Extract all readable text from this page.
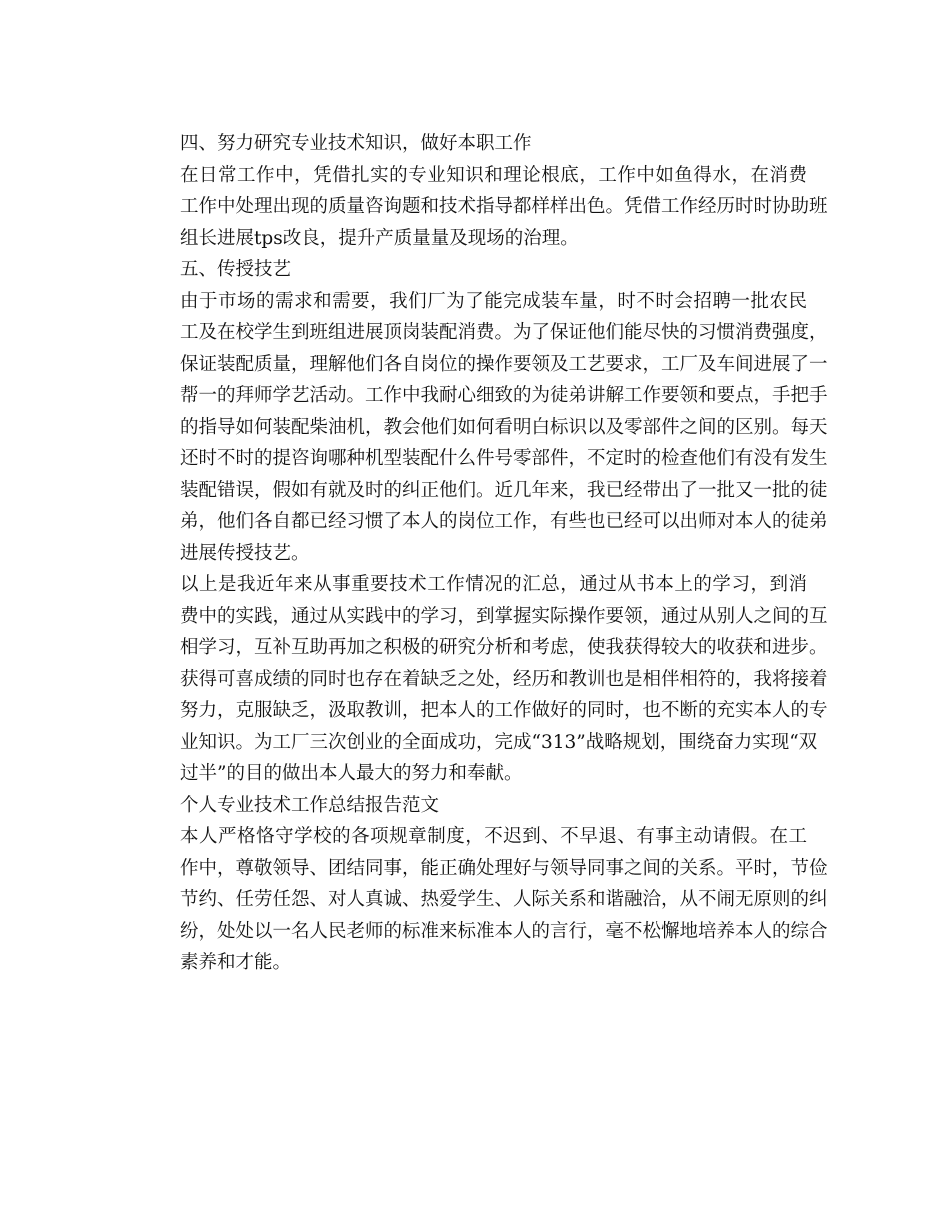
四、努力研究专业技术知识，做好本职工作
在日常工作中，凭借扎实的专业知识和理论根底，工作中如鱼得水，在消费
工作中处理出现的质量咨询题和技术指导都样样出色。凭借工作经历时时协助班
组长进展tps改良，提升产质量量及现场的治理。
五、传授技艺
由于市场的需求和需要，我们厂为了能完成装车量，时不时会招聘一批农民
工及在校学生到班组进展顶岗装配消费。为了保证他们能尽快的习惯消费强度，
保证装配质量，理解他们各自岗位的操作要领及工艺要求，工厂及车间进展了一
帮一的拜师学艺活动。工作中我耐心细致的为徒弟讲解工作要领和要点，手把手
的指导如何装配柴油机，教会他们如何看明白标识以及零部件之间的区别。每天
还时不时的提咨询哪种机型装配什么件号零部件，不定时的检查他们有没有发生
装配错误，假如有就及时的纠正他们。近几年来，我已经带出了一批又一批的徒
弟，他们各自都已经习惯了本人的岗位工作，有些也已经可以出师对本人的徒弟
进展传授技艺。
以上是我近年来从事重要技术工作情况的汇总，通过从书本上的学习，到消
费中的实践，通过从实践中的学习，到掌握实际操作要领，通过从别人之间的互
相学习，互补互助再加之积极的研究分析和考虑，使我获得较大的收获和进步。
获得可喜成绩的同时也存在着缺乏之处，经历和教训也是相伴相符的，我将接着
努力，克服缺乏，汲取教训，把本人的工作做好的同时，也不断的充实本人的专
业知识。为工厂三次创业的全面成功，完成“313”战略规划，围绕奋力实现“双
过半”的目的做出本人最大的努力和奉献。
个人专业技术工作总结报告范文
本人严格恪守学校的各项规章制度，不迟到、不早退、有事主动请假。在工
作中，尊敬领导、团结同事，能正确处理好与领导同事之间的关系。平时，节俭
节约、任劳任怨、对人真诚、热爱学生、人际关系和谐融洽，从不闹无原则的纠
纷，处处以一名人民老师的标准来标准本人的言行，毫不松懈地培养本人的综合
素养和才能。
